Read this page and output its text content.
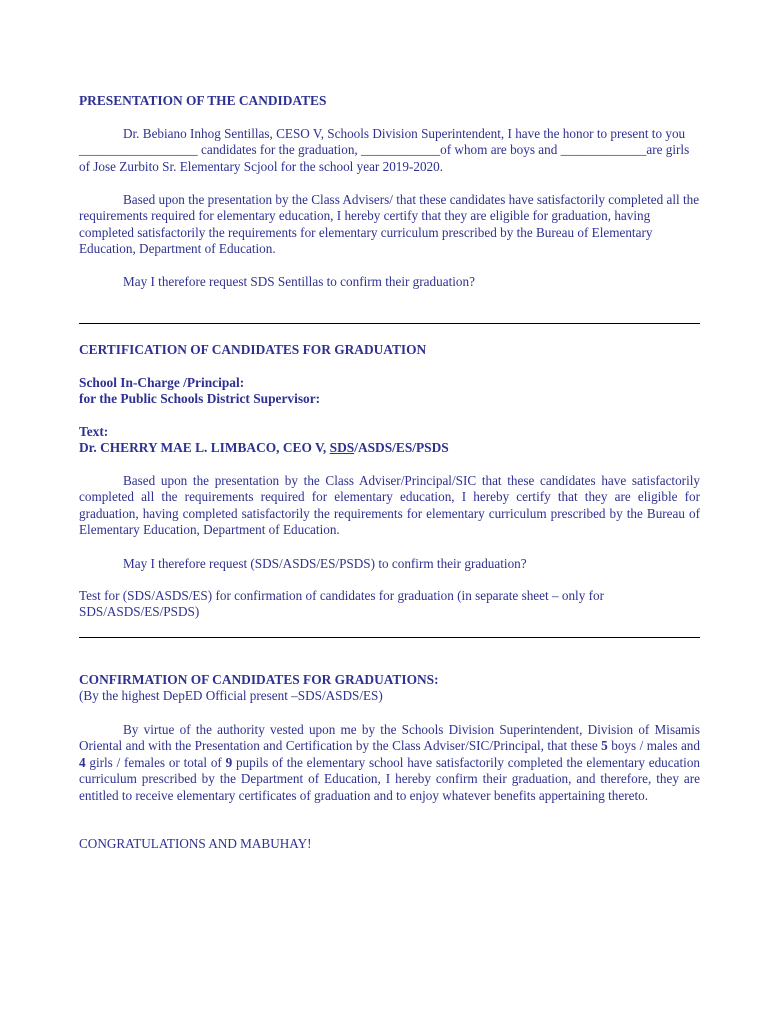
PRESENTATION OF THE CANDIDATES

Dr. Bebiano Inhog Sentillas, CESO V, Schools Division Superintendent, I have the honor to present to you __________________ candidates for the graduation, ____________of whom are boys and _____________are girls of Jose Zurbito Sr. Elementary Scjool for the school year 2019-2020.

Based upon the presentation by the Class Advisers/ that these candidates have satisfactorily completed all the requirements required for elementary education, I hereby certify that they are eligible for graduation, having completed satisfactorily the requirements for elementary curriculum prescribed by the Bureau of Elementary Education, Department of Education.

May I therefore request SDS Sentillas to confirm their graduation?

CERTIFICATION OF CANDIDATES FOR GRADUATION
School In-Charge /Principal:
for the Public Schools District Supervisor:
Text:
Dr. CHERRY MAE L. LIMBACO, CEO V, SDS/ASDS/ES/PSDS

Based upon the presentation by the Class Adviser/Principal/SIC that these candidates have satisfactorily completed all the requirements required for elementary education, I hereby certify that they are eligible for graduation, having completed satisfactorily the requirements for elementary curriculum prescribed by the Bureau of Elementary Education, Department of Education.

May I therefore request (SDS/ASDS/ES/PSDS) to confirm their graduation?

Test for (SDS/ASDS/ES) for confirmation of candidates for graduation (in separate sheet – only for SDS/ASDS/ES/PSDS)

CONFIRMATION OF CANDIDATES FOR GRADUATIONS:
(By the highest DepED Official present –SDS/ASDS/ES)

By virtue of the authority vested upon me by the Schools Division Superintendent, Division of Misamis Oriental and with the Presentation and Certification by the Class Adviser/SIC/Principal, that these 5 boys / males and 4 girls / females or total of 9 pupils of the elementary school have satisfactorily completed the elementary education curriculum prescribed by the Department of Education, I hereby confirm their graduation, and therefore, they are entitled to receive elementary certificates of graduation and to enjoy whatever benefits appertaining thereto.

CONGRATULATIONS AND MABUHAY!
